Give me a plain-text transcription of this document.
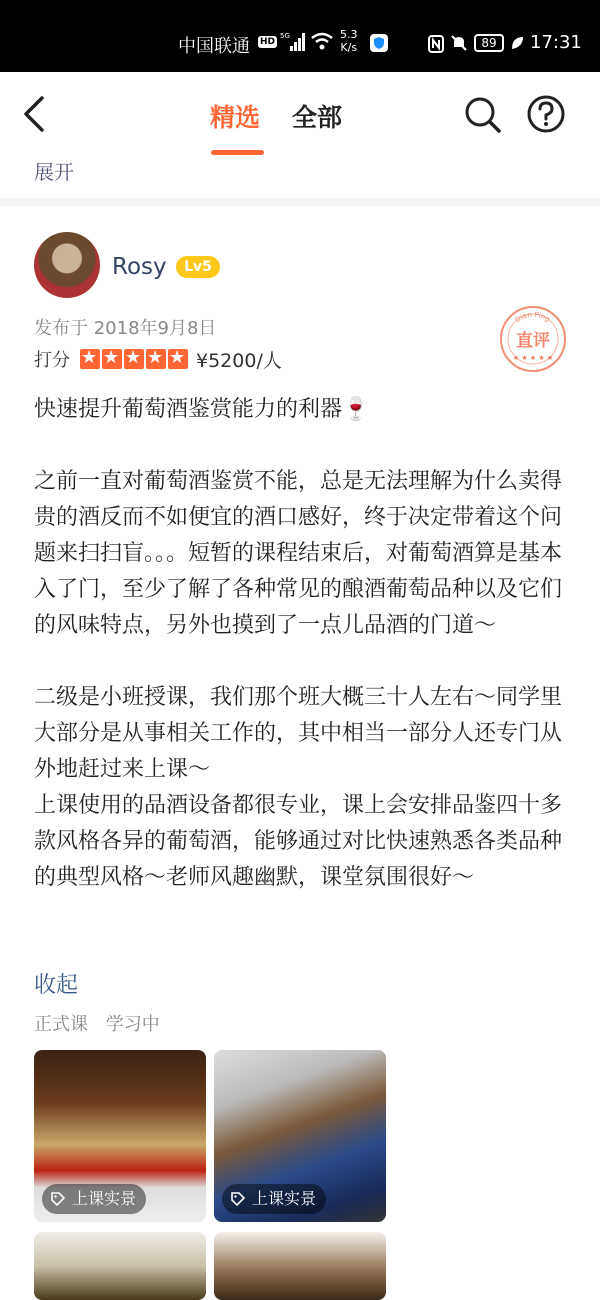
中国联通 HD
5G	5.3
K/s	89	17:31
精选 全部
展开
Rosy	Lv5
发布于 2018年9月8日	Dian Ping
直评
★ ★ ★ ★ ★
打分 ★ ★ ★ ★ ★	¥5200/人
快速提升葡萄酒鉴赏能力的利器🍷

之前一直对葡萄酒鉴赏不能，总是无法理解为什么卖得贵的酒反而不如便宜的酒口感好，终于决定带着这个问题来扫扫盲。。。短暂的课程结束后，对葡萄酒算是基本入了门，至少了解了各种常见的酿酒葡萄品种以及它们的风味特点，另外也摸到了一点儿品酒的门道～

二级是小班授课，我们那个班大概三十人左右～同学里大部分是从事相关工作的，其中相当一部分人还专门从外地赶过来上课～

上课使用的品酒设备都很专业，课上会安排品鉴四十多款风格各异的葡萄酒，能够通过对比快速熟悉各类品种的典型风格～老师风趣幽默，课堂氛围很好～

收起
正式课 学习中
上课实景	上课实景
